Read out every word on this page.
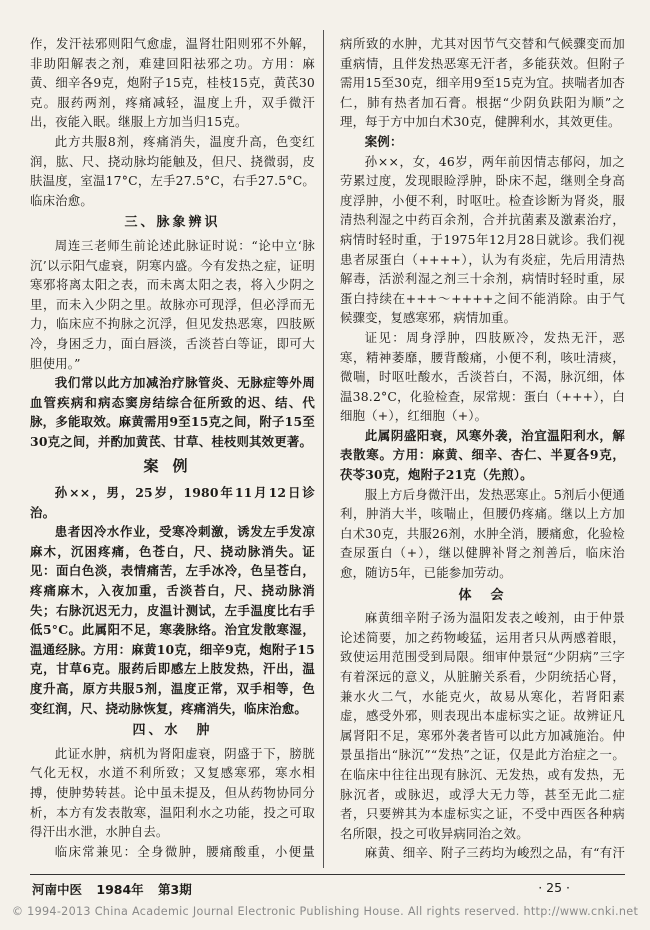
作，发汗祛邪则阳气愈虚，温肾壮阳则邪不外解，非助阳解表之剂，难建回阳祛邪之功。方用：麻黄、细辛各9克，炮附子15克，桂枝15克，黄芪30克。服药两剂，疼痛减轻，温度上升，双手微汗出，夜能入眠。继服上方加当归15克。

此方共服8剂，疼痛消失，温度升高，色变红润，肱、尺、挠动脉均能触及，但尺、挠微弱，皮肤温度，室温17°C，左手27.5°C，右手27.5°C。临床治愈。

三、脉象辨识

周连三老师生前论述此脉证时说：“论中立‘脉沉’以示阳气虚衰，阴寒内盛。今有发热之症，证明寒邪将离太阳之表，而未离太阳之表，将入少阴之里，而未入少阴之里。故脉亦可现浮，但必浮而无力，临床应不拘脉之沉浮，但见发热恶寒，四肢厥冷，身困乏力，面白唇淡，舌淡苔白等证，即可大胆使用。”

我们常以此方加减治疗脉管炎、无脉症等外周血管疾病和病态窦房结综合征所致的迟、结、代脉，多能取效。麻黄需用9至15克之间，附子15至30克之间，并酌加黄芪、甘草、桂枝则其效更著。

案例

孙××，男，25岁，1980年11月12日诊治。

患者因冷水作业，受寒冷刺激，诱发左手发凉麻木，沉困疼痛，色苍白，尺、挠动脉消失。证见：面白色淡，表情痛苦，左手冰冷，色呈苍白，疼痛麻木，入夜加重，舌淡苔白，尺、挠动脉消失；右脉沉迟无力，皮温计测试，左手温度比右手低5°C。此属阳不足，寒袭脉络。治宜发散寒湿，温通经脉。方用：麻黄10克，细辛9克，炮附子15克，甘草6克。服药后即感左上肢发热，汗出，温度升高，原方共服5剂，温度正常，双手相等，色变红润，尺、挠动脉恢复，疼痛消失，临床治愈。

四、水　肿

此证水肿，病机为肾阳虚衰，阴盛于下，膀胱气化无权，水道不利所致；又复感寒邪，寒水相搏，使肿势转甚。论中虽未提及，但从药物协同分析，本方有发表散寒，温阳利水之功能，投之可取得汗出水泄，水肿自去。

临床常兼见：全身微肿，腰痛酸重，小便量

病所致的水肿，尤其对因节气交替和气候骤变而加重病情，且伴发热恶寒无汗者，多能获效。但附子需用15至30克，细辛用9至15克为宜。挟喘者加杏仁，肺有热者加石膏。根据“少阴负趺阳为顺”之理，每于方中加白术30克，健脾利水，其效更佳。

案例：

孙××，女，46岁，两年前因情志郁闷，加之劳累过度，发现眼睑浮肿，卧床不起，继则全身高度浮肿，小便不利，时呕吐。检查诊断为肾炎，服清热利湿之中药百余剂，合并抗菌素及激素治疗，病情时轻时重，于1975年12月28日就诊。我们视患者尿蛋白（++++），认为有炎症，先后用清热解毒，活淤利湿之剂三十余剂，病情时轻时重，尿蛋白持续在+++～++++之间不能消除。由于气候骤变，复感寒邪，病情加重。

证见：周身浮肿，四肢厥冷，发热无汗，恶寒，精神萎靡，腰背酸痛，小便不利，咳吐清痰，微喘，时呕吐酸水，舌淡苔白，不渴，脉沉细，体温38.2°C，化验检查，尿常规：蛋白（+++），白细胞（+），红细胞（+）。

此属阴盛阳衰，风寒外袭，治宜温阳利水，解表散寒。方用：麻黄、细辛、杏仁、半夏各9克，茯苓30克，炮附子21克（先煎）。

服上方后身微汗出，发热恶寒止。5剂后小便通利，肿消大半，咳喘止，但腰仍疼痛。继以上方加白术30克，共服26剂，水肿全消，腰痛愈，化验检查尿蛋白（+），继以健脾补肾之剂善后，临床治愈，随访5年，已能参加劳动。

体　会

麻黄细辛附子汤为温阳发表之峻剂，由于仲景论述简要，加之药物峻猛，运用者只从两感着眼，致使运用范围受到局限。细审仲景冠“少阴病”三字有着深远的意义，从脏腑关系看，少阴统括心肾，兼水火二气，水能克火，故易从寒化，若肾阳素虚，感受外邪，则表现出本虚标实之证。故辨证凡属肾阳不足，寒邪外袭者皆可以此方加减施治。仲景虽指出“脉沉”“发热”之证，仅是此方治症之一。在临床中往往出现有脉沉、无发热，或有发热，无脉沉者，或脉迟，或浮大无力等，甚至无此二症者，只要辨其为本虚标实之证，不受中西医各种病名所限，投之可收异病同治之效。

麻黄、细辛、附子三药均为峻烈之品，有“有汗

河南中医 1984年 第3期	· 25 ·
© 1994-2013 China Academic Journal Electronic Publishing House. All rights reserved. http://www.cnki.net
